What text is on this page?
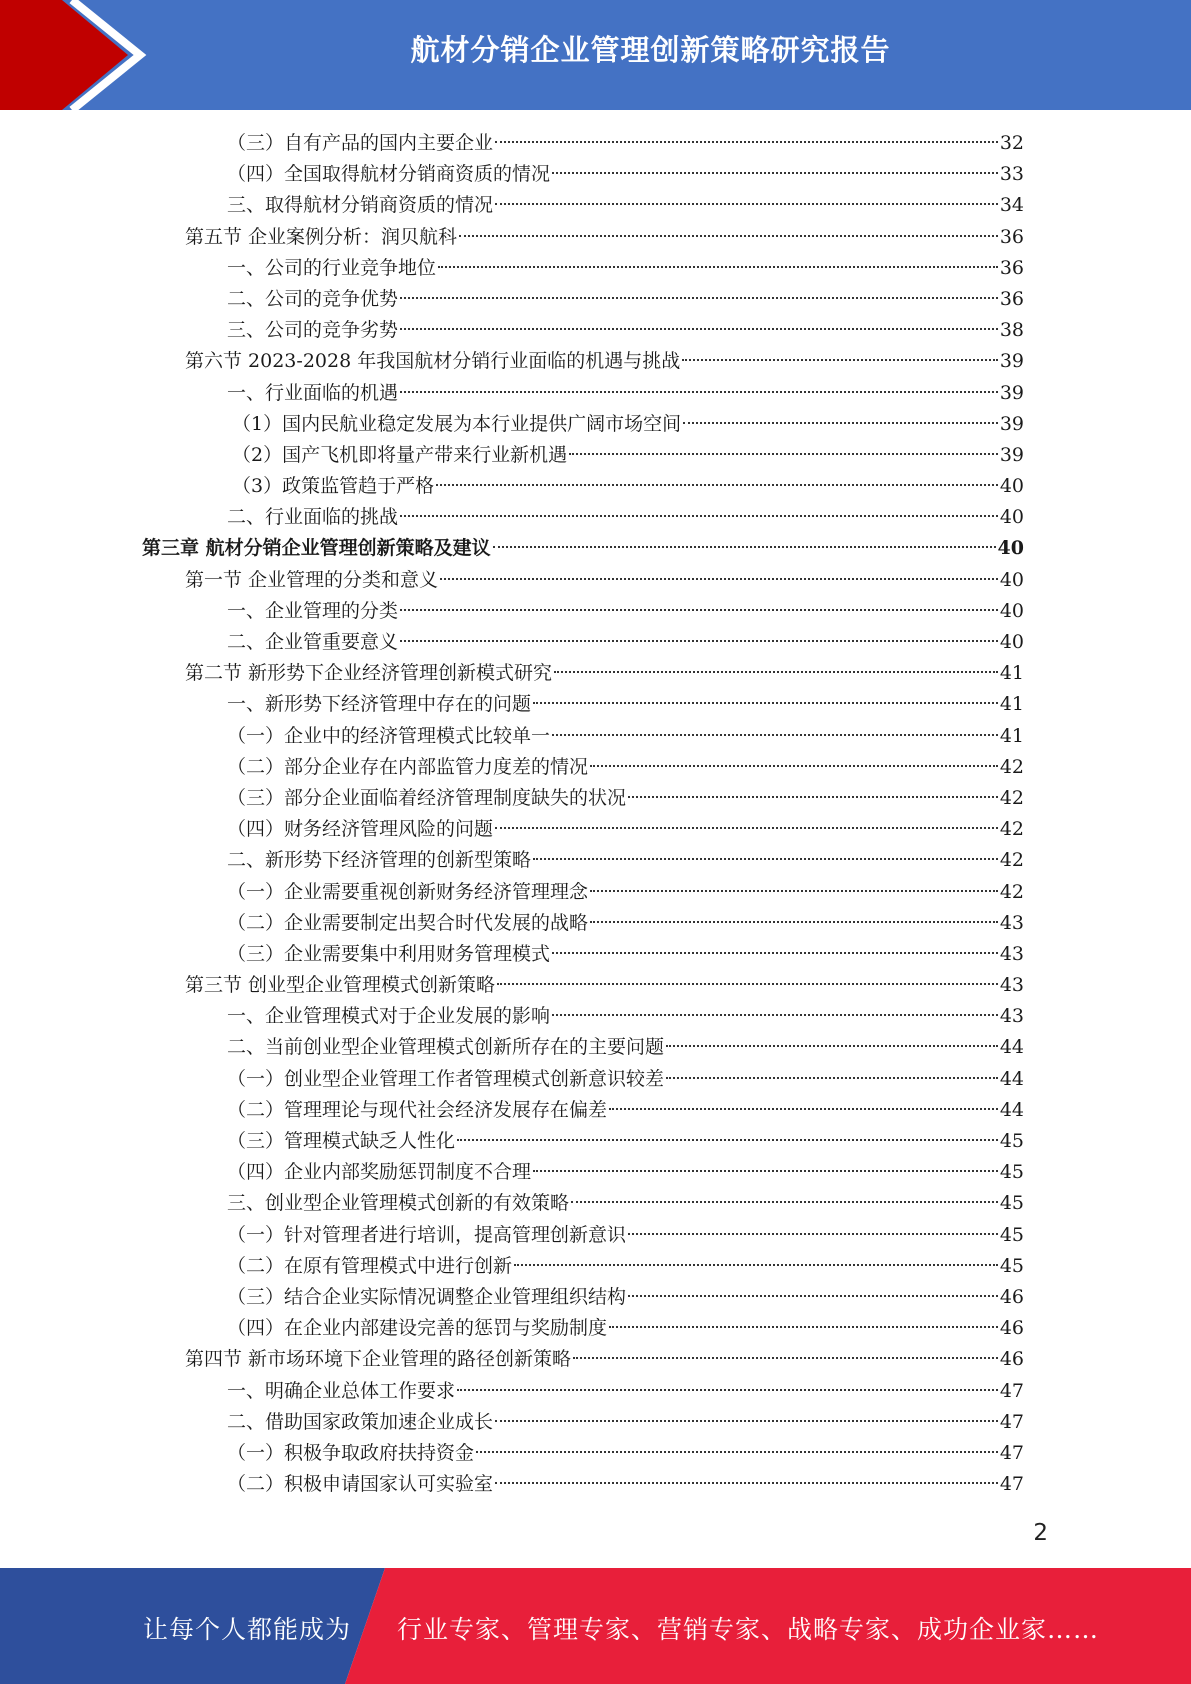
航材分销企业管理创新策略研究报告
（三）自有产品的国内主要企业	32
（四）全国取得航材分销商资质的情况	33
三、取得航材分销商资质的情况	34
第五节 企业案例分析：润贝航科	36
一、公司的行业竞争地位	36
二、公司的竞争优势	36
三、公司的竞争劣势	38
第六节 2023-2028 年我国航材分销行业面临的机遇与挑战	39
一、行业面临的机遇	39
（1）国内民航业稳定发展为本行业提供广阔市场空间	39
（2）国产飞机即将量产带来行业新机遇	39
（3）政策监管趋于严格	40
二、行业面临的挑战	40
第三章 航材分销企业管理创新策略及建议	40
第一节 企业管理的分类和意义	40
一、企业管理的分类	40
二、企业管重要意义	40
第二节 新形势下企业经济管理创新模式研究	41
一、新形势下经济管理中存在的问题	41
（一）企业中的经济管理模式比较单一	41
（二）部分企业存在内部监管力度差的情况	42
（三）部分企业面临着经济管理制度缺失的状况	42
（四）财务经济管理风险的问题	42
二、新形势下经济管理的创新型策略	42
（一）企业需要重视创新财务经济管理理念	42
（二）企业需要制定出契合时代发展的战略	43
（三）企业需要集中利用财务管理模式	43
第三节 创业型企业管理模式创新策略	43
一、企业管理模式对于企业发展的影响	43
二、当前创业型企业管理模式创新所存在的主要问题	44
（一）创业型企业管理工作者管理模式创新意识较差	44
（二）管理理论与现代社会经济发展存在偏差	44
（三）管理模式缺乏人性化	45
（四）企业内部奖励惩罚制度不合理	45
三、创业型企业管理模式创新的有效策略	45
（一）针对管理者进行培训，提高管理创新意识	45
（二）在原有管理模式中进行创新	45
（三）结合企业实际情况调整企业管理组织结构	46
（四）在企业内部建设完善的惩罚与奖励制度	46
第四节 新市场环境下企业管理的路径创新策略	46
一、明确企业总体工作要求	47
二、借助国家政策加速企业成长	47
（一）积极争取政府扶持资金	47
（二）积极申请国家认可实验室	47
2
让每个人都能成为 行业专家、管理专家、营销专家、战略专家、成功企业家……
